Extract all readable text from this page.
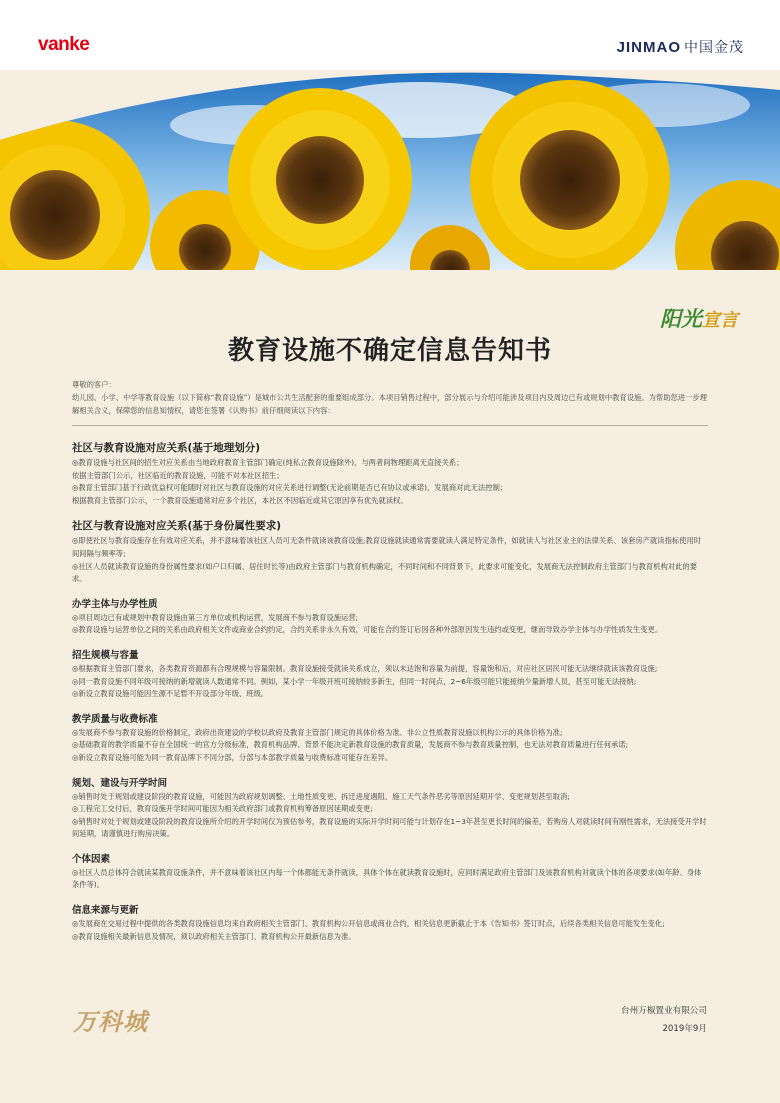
vanke	JINMAO 中国金茂
阳光宣言
教育设施不确定信息告知书

尊敬的客户：

幼儿园、小学、中学等教育设施（以下简称“教育设施”）是城市公共生活配套的重要组成部分。本项目销售过程中，部分展示与介绍可能涉及项目内及周边已有或规划中教育设施。为帮助您进一步理解相关含义，保障您的信息知情权，请您在签署《认购书》前仔细阅读以下内容：

社区与教育设施对应关系(基于地理划分)

◎教育设施与社区间的招生对应关系由当地政府教育主管部门确定(纯私立教育设施除外)，与两者间物理距离无直接关系；

依据主管部门公示，社区临近的教育设施，可能不对本社区招生；

◎教育主管部门基于行政优益权可能随时对社区与教育设施的对应关系进行调整(无论前期是否已有协议或承诺)，发展商对此无法控制；

根据教育主管部门公示，一个教育设施通常对应多个社区，本社区不因临近或其它原因享有优先就读权。

社区与教育设施对应关系(基于身份属性要求)

◎即使社区与教育设施存在有效对应关系，并不意味着该社区人员可无条件就读该教育设施;教育设施就读通常需要就读人满足特定条件，如就读人与社区业主的法律关系、该套房产就读指标使用时间间隔与频率等;

◎社区人员就读教育设施的身份属性要求(如户口归属、居住时长等)由政府主管部门与教育机构确定，不同时间和不同背景下，此要求可能变化，发展商无法控制政府主管部门与教育机构对此的要求。

办学主体与办学性质

◎项目周边已有或规划中教育设施由第三方单位或机构运营，发展商不参与教育设施运营;

◎教育设施与运营单位之间的关系由政府相关文件或商业合约约定，合约关系非永久有效，可能在合约签订后因各种外部原因发生违约或变更，继而导致办学主体与办学性质发生变更。

招生规模与容量

◎根据教育主管部门要求，各类教育资源都有合理规模与容量限制。教育设施接受就读关系成立，须以未达饱和容量为前提，容量饱和后，对应社区居民可能无法继续就读该教育设施;

◎同一教育设施不同年级可接纳的新增就读人数通常不同。例如，某小学一年级开班可接纳较多新生，但同一时间点，2~6年级可能只能接纳少量新增人员，甚至可能无法接纳;

◎新设立教育设施可能因生源不足暂不开设部分年级、班级。

教学质量与收费标准

◎发展商不参与教育设施的价格制定，政府出资建设的学校以政府及教育主管部门规定的具体价格为准。非公立性质教育设施以机构公示的具体价格为准;

◎基础教育的教学质量不存在全国统一的官方分级标准，教育机构品牌、背景不能决定新教育设施的教育质量，发展商不参与教育质量控制，也无法对教育质量进行任何承诺;

◎新设立教育设施可能为同一教育品牌下不同分部，分部与本部教学质量与收费标准可能存在差异。

规划、建设与开学时间

◎销售时处于规划或建设阶段的教育设施，可能因为政府规划调整、土地性质变更、拆迁进度遇阻、施工天气条件恶劣等原因延期开学、变更规划甚至取消;

◎工程完工交付后，教育设施开学时间可能因为相关政府部门或教育机构筹备原因延期或变更;

◎销售时对处于规划或建设阶段的教育设施所介绍的开学时间仅为预估参考，教育设施的实际开学时间可能与计划存在1~3年甚至更长时间的偏差，若购房人对就读时间有刚性需求，无法接受开学时间延期，请谨慎进行购房决策。

个体因素

◎社区人员总体符合就读某教育设施条件，并不意味着该社区内每一个体都能无条件就读，具体个体在就读教育设施时，应同时满足政府主管部门及该教育机构对就读个体的各项要求(如年龄、身体条件等)。

信息来源与更新

◎发展商在交易过程中提供的各类教育设施信息均来自政府相关主管部门、教育机构公开信息或商业合约，相关信息更新截止于本《告知书》签订时点，后续各类相关信息可能发生变化;

◎教育设施相关最新信息及情况，须以政府相关主管部门、教育机构公开最新信息为准。

万科城	台州万椒置业有限公司
2019年9月
